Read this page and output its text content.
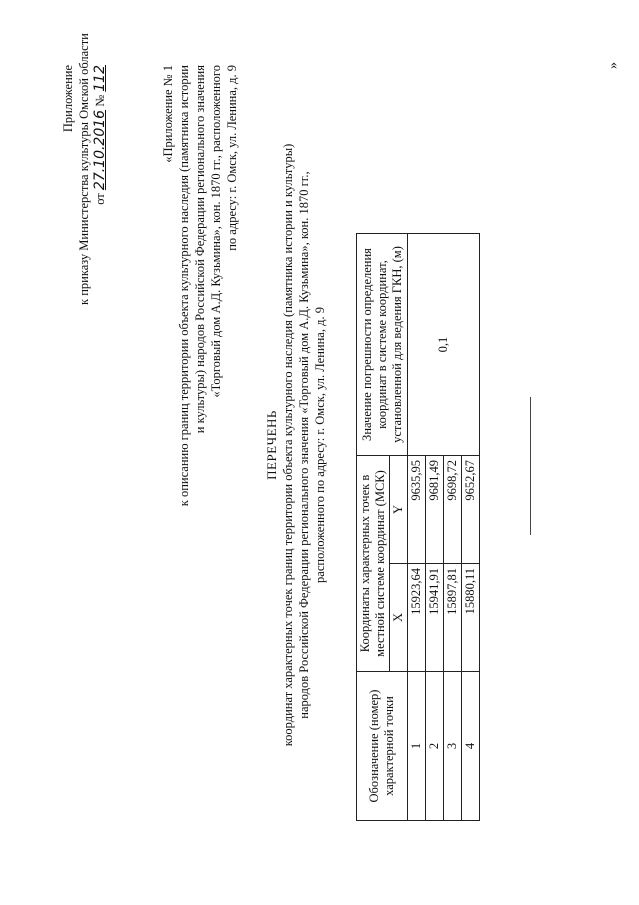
Приложение к приказу Министерства культуры Омской области от 27.10.2016 № 112	«Приложение № 1 к описанию границ территории объекта культурного наследия (памятника истории и культуры) народов Российской Федерации регионального значения «Торговый дом А.Д. Кузьмина», кон. 1870 гг., расположенного по адресу: г. Омск, ул. Ленина, д. 9
ПЕРЕЧЕНЬ координат характерных точек границ территории объекта культурного наследия (памятника истории и культуры) народов Российской Федерации регионального значения «Торговый дом А.Д. Кузьмина», кон. 1870 гг., расположенного по адресу: г. Омск, ул. Ленина, д. 9
Обозначение (номер) характерной точки	Координаты характерных точек в местной системе координат (МСК)		Значение погрешности определения координат в системе координат, установленной для ведения ГКН, (м)
	X	Y	
1	15923,64	9635,95	0,1
2	15941,91	9681,49	
3	15897,81	9698,72	
4	15880,11	9652,67	
»
